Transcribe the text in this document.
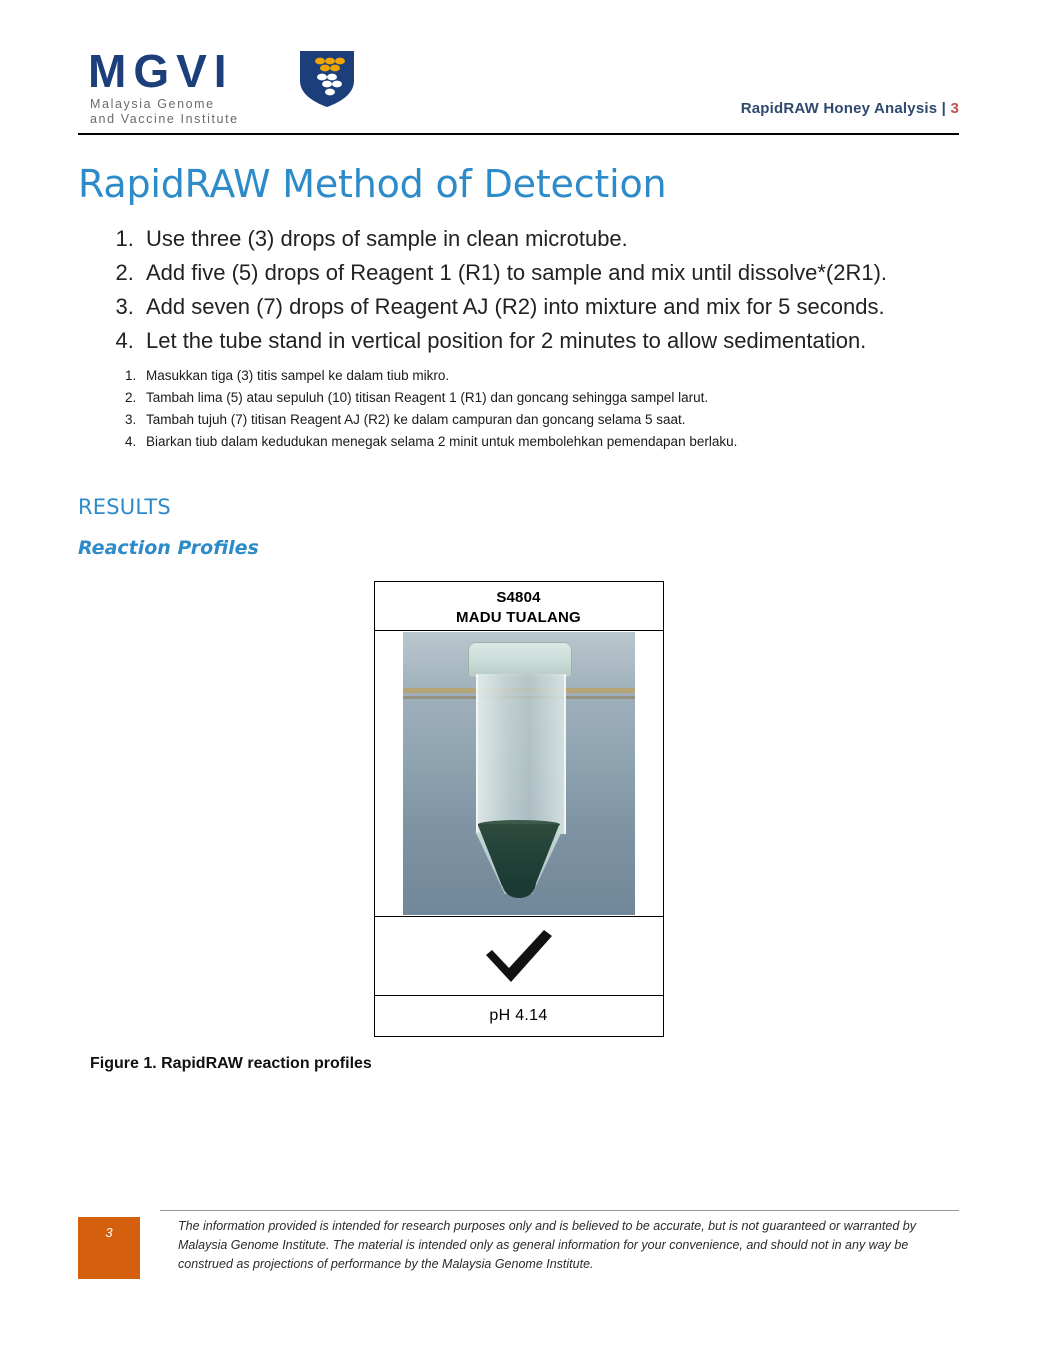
MGVI
Malaysia Genome
and Vaccine Institute
RapidRAW Honey Analysis | 3
RapidRAW Method of Detection
1. Use three (3) drops of sample in clean microtube.
2. Add five (5) drops of Reagent 1 (R1) to sample and mix until dissolve*(2R1).
3. Add seven (7) drops of Reagent AJ (R2) into mixture and mix for 5 seconds.
4. Let the tube stand in vertical position for 2 minutes to allow sedimentation.
1. Masukkan tiga (3) titis sampel ke dalam tiub mikro.
2. Tambah lima (5) atau sepuluh (10) titisan Reagent 1 (R1) dan goncang sehingga sampel larut.
3. Tambah tujuh (7) titisan Reagent AJ (R2) ke dalam campuran dan goncang selama 5 saat.
4. Biarkan tiub dalam kedudukan menegak selama 2 minit untuk membolehkan pemendapan berlaku.
RESULTS
Reaction Profiles
S4804
MADU TUALANG
pH 4.14
Figure 1. RapidRAW reaction profiles
3	The information provided is intended for research purposes only and is believed to be accurate, but is not guaranteed or warranted by Malaysia Genome Institute. The material is intended only as general information for your convenience, and should not in any way be construed as projections of performance by the Malaysia Genome Institute.
